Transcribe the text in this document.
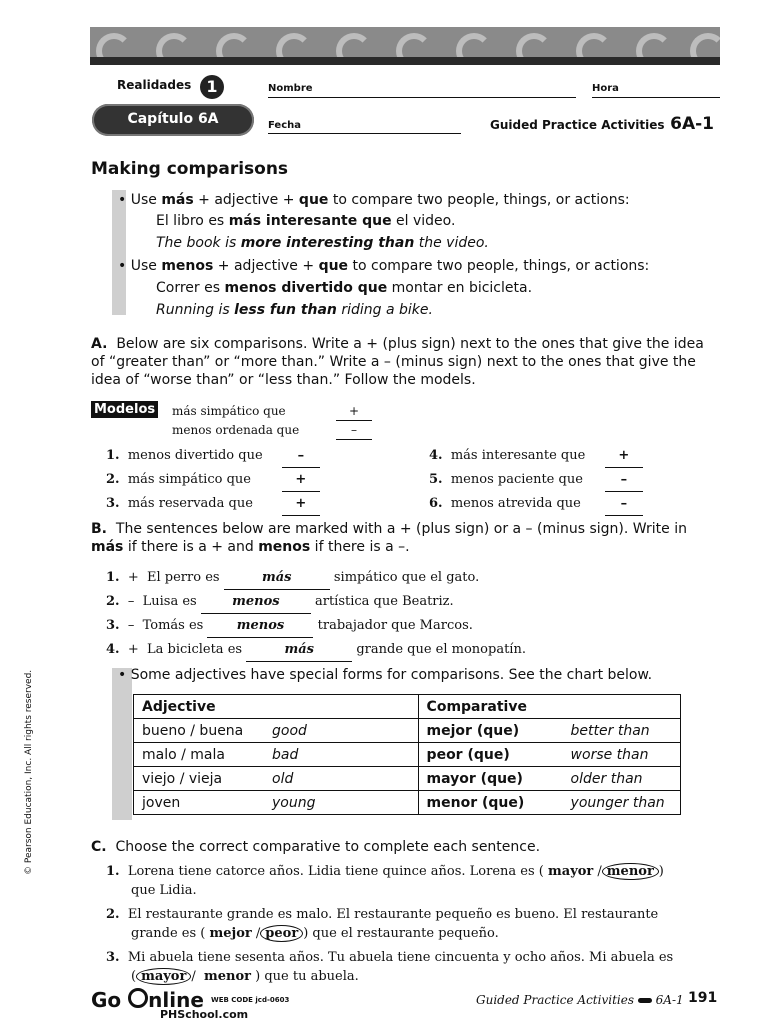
Realidades 1	Nombre	Hora
Capítulo 6A	Fecha	Guided Practice Activities 6A-1
Making comparisons
• Use más + adjective + que to compare two people, things, or actions:
El libro es más interesante que el video.
The book is more interesting than the video.
• Use menos + adjective + que to compare two people, things, or actions:
Correr es menos divertido que montar en bicicleta.
Running is less fun than riding a bike.
A. Below are six comparisons. Write a + (plus sign) next to the ones that give the idea
of “greater than” or “more than.” Write a – (minus sign) next to the ones that give the
idea of “worse than” or “less than.” Follow the models.
Modelos más simpático que	+
menos ordenada que	–
1. menos divertido que	–
2. más simpático que	+
3. más reservada que	+
4. más interesante que	+
5. menos paciente que	–
6. menos atrevida que	–
B. The sentences below are marked with a + (plus sign) or a – (minus sign). Write in
más if there is a + and menos if there is a –.
1. + El perro es	más	simpático que el gato.
2. – Luisa es	menos	artística que Beatriz.
3. – Tomás es	menos	trabajador que Marcos.
4. + La bicicleta es	más	grande que el monopatín.
• Some adjectives have special forms for comparisons. See the chart below.
Adjective		Comparative	
bueno / buena	good	mejor (que)	better than
malo / mala	bad	peor (que)	worse than
viejo / vieja	old	mayor (que)	older than
joven	young	menor (que)	younger than
C. Choose the correct comparative to complete each sentence.
1. Lorena tiene catorce años. Lidia tiene quince años. Lorena es ( mayor / menor )
que Lidia.
2. El restaurante grande es malo. El restaurante pequeño es bueno. El restaurante
grande es ( mejor / peor ) que el restaurante pequeño.
3. Mi abuela tiene sesenta años. Tu abuela tiene cincuenta y ocho años. Mi abuela es
( mayor /  menor ) que tu abuela.
Go nline WEB CODE jcd-0603
PHSchool.com
Guided Practice Activities 6A-1 191
© Pearson Education, Inc. All rights reserved.
